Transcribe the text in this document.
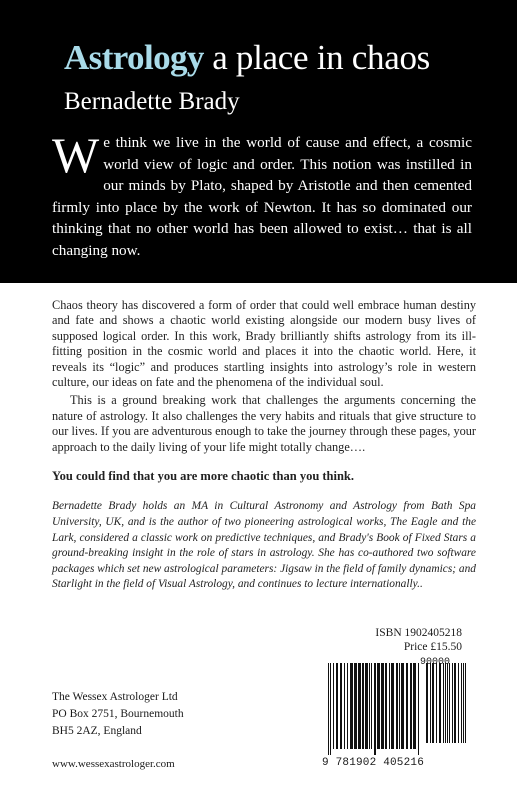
Astrology a place in chaos
Bernadette Brady
We think we live in the world of cause and effect, a cosmic world view of logic and order. This notion was instilled in our minds by Plato, shaped by Aristotle and then cemented firmly into place by the work of Newton. It has so dominated our thinking that no other world has been allowed to exist… that is all changing now.

Chaos theory has discovered a form of order that could well embrace human destiny and fate and shows a chaotic world existing alongside our modern busy lives of supposed logical order. In this work, Brady brilliantly shifts astrology from its ill-fitting position in the cosmic world and places it into the chaotic world. Here, it reveals its “logic” and produces startling insights into astrology’s role in western culture, our ideas on fate and the phenomena of the individual soul.

This is a ground breaking work that challenges the arguments concerning the nature of astrology. It also challenges the very habits and rituals that give structure to our lives. If you are adventurous enough to take the journey through these pages, your approach to the daily living of your life might totally change….

You could find that you are more chaotic than you think.

Bernadette Brady holds an MA in Cultural Astronomy and Astrology from Bath Spa University, UK, and is the author of two pioneering astrological works, The Eagle and the Lark, considered a classic work on predictive techniques, and Brady's Book of Fixed Stars a ground-breaking insight in the role of stars in astrology. She has co-authored two software packages which set new astrological parameters: Jigsaw in the field of family dynamics; and Starlight in the field of Visual Astrology, and continues to lecture internationally..

ISBN 1902405218
Price £15.50
The Wessex Astrologer Ltd
PO Box 2751, Bournemouth
BH5 2AZ, England
www.wessexastrologer.com
90000
9 781902 405216
